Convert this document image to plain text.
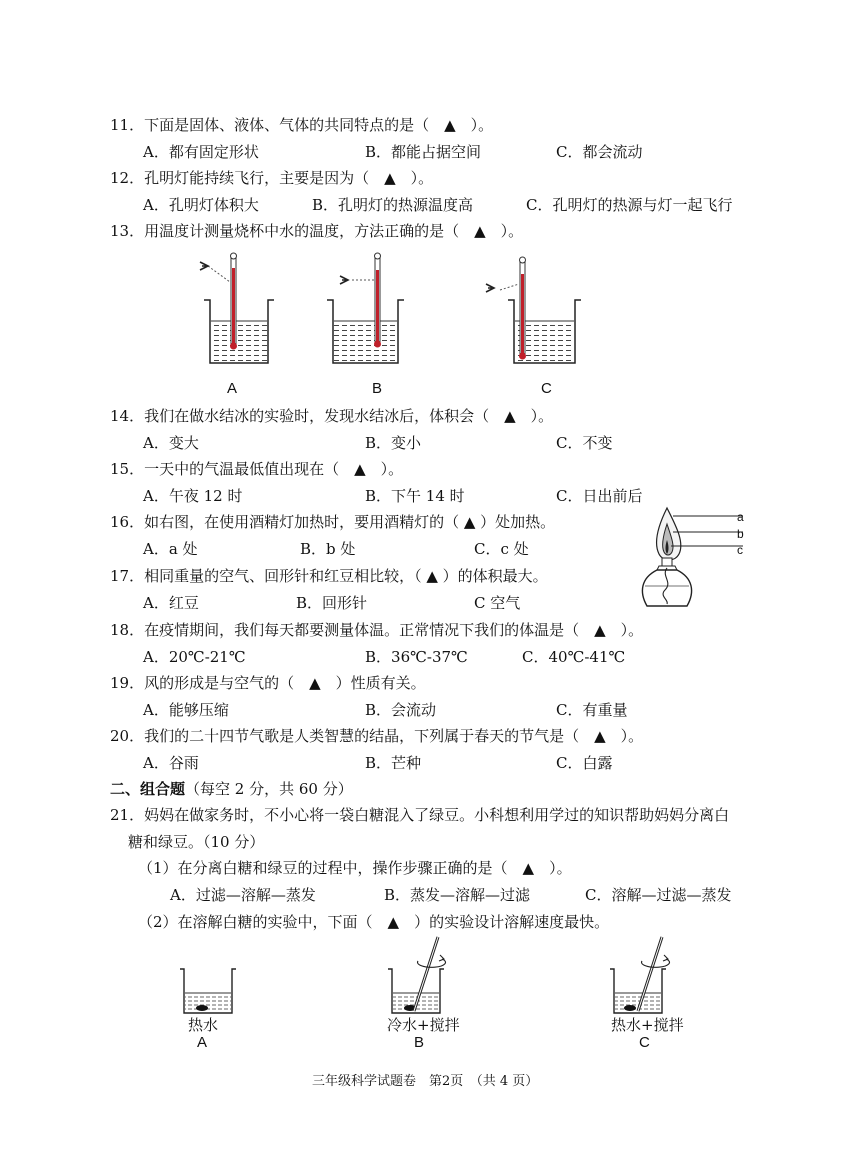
11．下面是固体、液体、气体的共同特点的是（　▲　）。
A．都有固定形状	B．都能占据空间	C．都会流动
12．孔明灯能持续飞行，主要是因为（　▲　）。
A．孔明灯体积大	B．孔明灯的热源温度高	C．孔明灯的热源与灯一起飞行
13．用温度计测量烧杯中水的温度，方法正确的是（　▲　）。
A	B	C
14．我们在做水结冰的实验时，发现水结冰后，体积会（　▲　）。
A．变大	B．变小	C．不变
15．一天中的气温最低值出现在（　▲　）。
A．午夜 12 时	B．下午 14 时	C．日出前后
16．如右图，在使用酒精灯加热时，要用酒精灯的（ ▲ ）处加热。
A．a 处	B．b 处	C．c 处
a
b
c
17．相同重量的空气、回形针和红豆相比较，（ ▲ ）的体积最大。
A．红豆	B．回形针	C 空气
18．在疫情期间，我们每天都要测量体温。正常情况下我们的体温是（　▲　）。
A．20℃-21℃	B．36℃-37℃	C．40℃-41℃
19．风的形成是与空气的（　▲　）性质有关。
A．能够压缩	B．会流动	C．有重量
20．我们的二十四节气歌是人类智慧的结晶，下列属于春天的节气是（　▲　）。
A．谷雨	B．芒种	C．白露
二、组合题（每空 2 分，共 60 分）
21．妈妈在做家务时，不小心将一袋白糖混入了绿豆。小科想利用学过的知识帮助妈妈分离白
糖和绿豆。（10 分）
（1）在分离白糖和绿豆的过程中，操作步骤正确的是（　▲　）。
A．过滤—溶解—蒸发	B．蒸发—溶解—过滤	C．溶解—过滤—蒸发
（2）在溶解白糖的实验中，下面（　▲　）的实验设计溶解速度最快。
热水	冷水+搅拌	热水+搅拌
A	B	C
三年级科学试题卷　第2页　（共 4 页）
